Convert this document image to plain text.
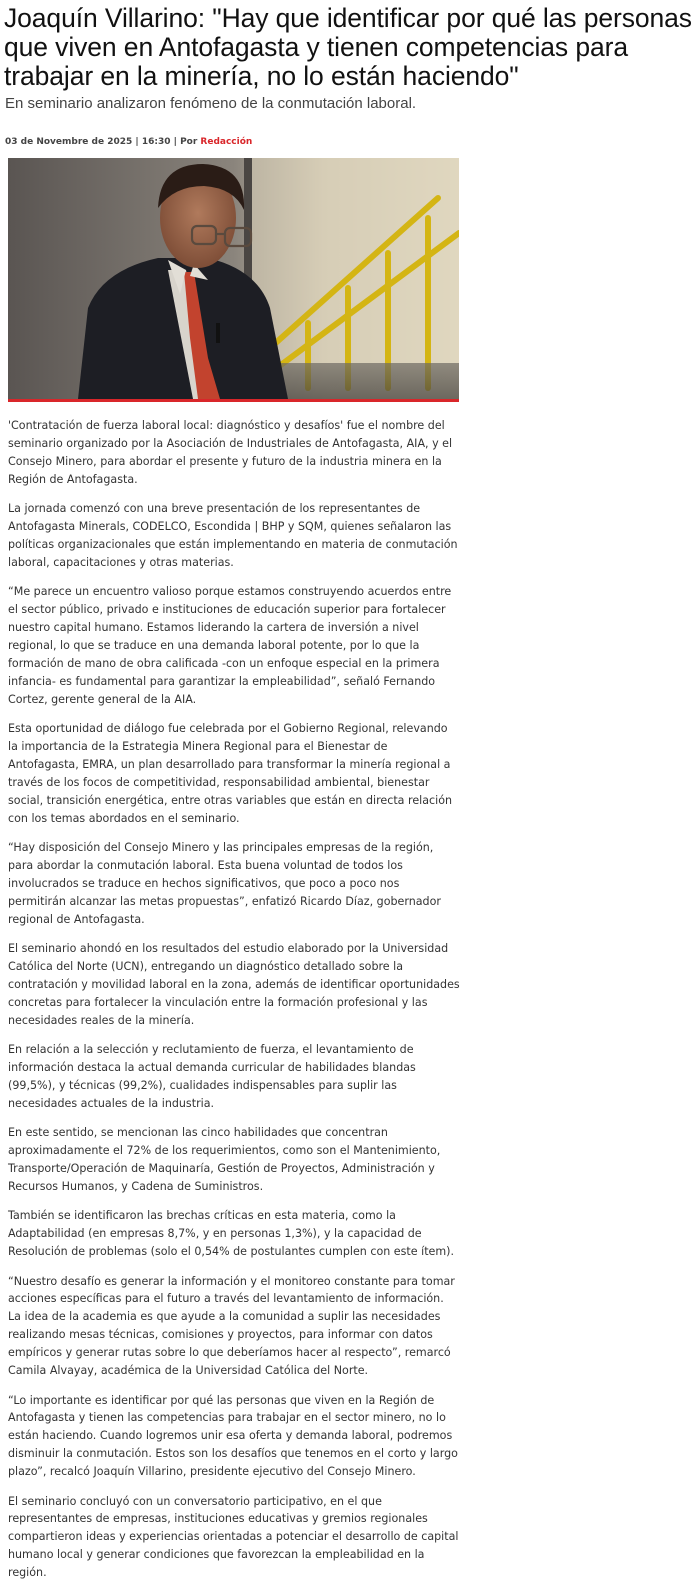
Joaquín Villarino: "Hay que identificar por qué las personas que viven en Antofagasta y tienen competencias para trabajar en la minería, no lo están haciendo"

En seminario analizaron fenómeno de la conmutación laboral.

03 de Novembre de 2025 | 16:30 | Por Redacción

'Contratación de fuerza laboral local: diagnóstico y desafíos' fue el nombre del seminario organizado por la Asociación de Industriales de Antofagasta, AIA, y el Consejo Minero, para abordar el presente y futuro de la industria minera en la Región de Antofagasta.

La jornada comenzó con una breve presentación de los representantes de Antofagasta Minerals, CODELCO, Escondida | BHP y SQM, quienes señalaron las políticas organizacionales que están implementando en materia de conmutación laboral, capacitaciones y otras materias.

“Me parece un encuentro valioso porque estamos construyendo acuerdos entre el sector público, privado e instituciones de educación superior para fortalecer nuestro capital humano. Estamos liderando la cartera de inversión a nivel regional, lo que se traduce en una demanda laboral potente, por lo que la formación de mano de obra calificada -con un enfoque especial en la primera infancia- es fundamental para garantizar la empleabilidad”, señaló Fernando Cortez, gerente general de la AIA.

Esta oportunidad de diálogo fue celebrada por el Gobierno Regional, relevando la importancia de la Estrategia Minera Regional para el Bienestar de Antofagasta, EMRA, un plan desarrollado para transformar la minería regional a través de los focos de competitividad, responsabilidad ambiental, bienestar social, transición energética, entre otras variables que están en directa relación con los temas abordados en el seminario.

“Hay disposición del Consejo Minero y las principales empresas de la región, para abordar la conmutación laboral. Esta buena voluntad de todos los involucrados se traduce en hechos significativos, que poco a poco nos permitirán alcanzar las metas propuestas”, enfatizó Ricardo Díaz, gobernador regional de Antofagasta.

El seminario ahondó en los resultados del estudio elaborado por la Universidad Católica del Norte (UCN), entregando un diagnóstico detallado sobre la contratación y movilidad laboral en la zona, además de identificar oportunidades concretas para fortalecer la vinculación entre la formación profesional y las necesidades reales de la minería.

En relación a la selección y reclutamiento de fuerza, el levantamiento de información destaca la actual demanda curricular de habilidades blandas (99,5%), y técnicas (99,2%), cualidades indispensables para suplir las necesidades actuales de la industria.

En este sentido, se mencionan las cinco habilidades que concentran aproximadamente el 72% de los requerimientos, como son el Mantenimiento, Transporte/Operación de Maquinaría, Gestión de Proyectos, Administración y Recursos Humanos, y Cadena de Suministros.

También se identificaron las brechas críticas en esta materia, como la Adaptabilidad (en empresas 8,7%, y en personas 1,3%), y la capacidad de Resolución de problemas (solo el 0,54% de postulantes cumplen con este ítem).

“Nuestro desafío es generar la información y el monitoreo constante para tomar acciones específicas para el futuro a través del levantamiento de información. La idea de la academia es que ayude a la comunidad a suplir las necesidades realizando mesas técnicas, comisiones y proyectos, para informar con datos empíricos y generar rutas sobre lo que deberíamos hacer al respecto”, remarcó Camila Alvayay, académica de la Universidad Católica del Norte.

“Lo importante es identificar por qué las personas que viven en la Región de Antofagasta y tienen las competencias para trabajar en el sector minero, no lo están haciendo. Cuando logremos unir esa oferta y demanda laboral, podremos disminuir la conmutación. Estos son los desafíos que tenemos en el corto y largo plazo”, recalcó Joaquín Villarino, presidente ejecutivo del Consejo Minero.

El seminario concluyó con un conversatorio participativo, en el que representantes de empresas, instituciones educativas y gremios regionales compartieron ideas y experiencias orientadas a potenciar el desarrollo de capital humano local y generar condiciones que favorezcan la empleabilidad en la región.
